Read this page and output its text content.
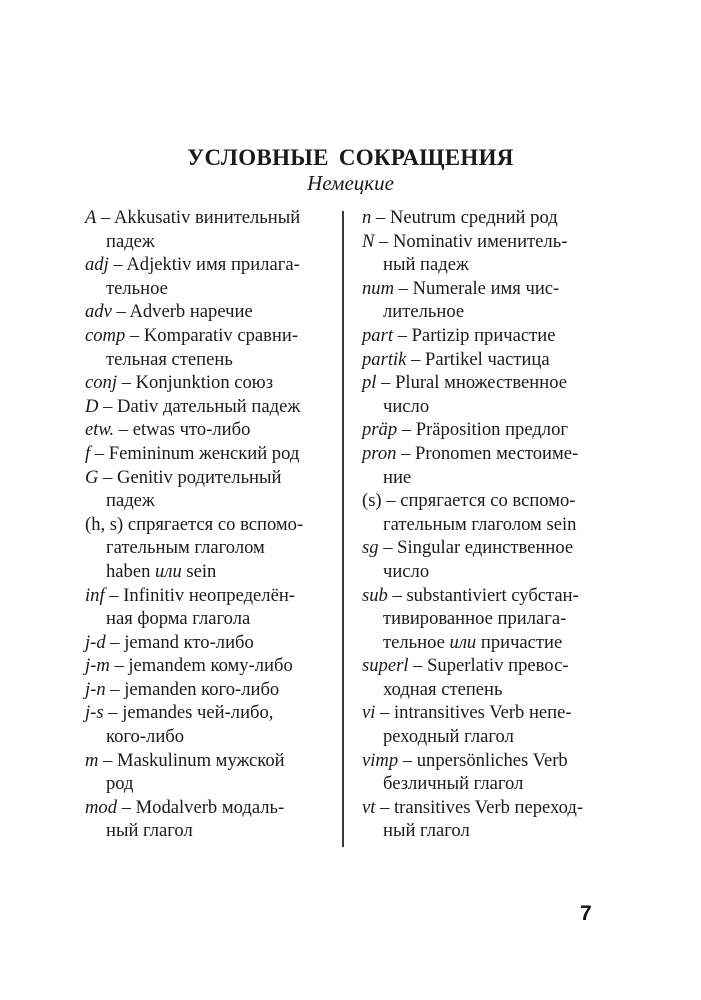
УСЛОВНЫЕ СОКРАЩЕНИЯ
Немецкие
A – Akkusativ винительный
падеж
adj – Adjektiv имя прилага-
тельное
adv – Adverb наречие
comp – Komparativ сравни-
тельная степень
conj – Konjunktion союз
D – Dativ дательный падеж
etw. – etwas что-либо
f – Femininum женский род
G – Genitiv родительный
падеж
(h, s) спрягается со вспомо-
гательным глаголом
haben или sein
inf – Infinitiv неопределён-
ная форма глагола
j-d – jemand кто-либо
j-m – jemandem кому-либо
j-n – jemanden кого-либо
j-s – jemandes чей-либо,
кого-либо
m – Maskulinum мужской
род
mod – Modalverb модаль-
ный глагол
n – Neutrum средний род
N – Nominativ именитель-
ный падеж
num – Numerale имя чис-
лительное
part – Partizip причастие
partik – Partikel частица
pl – Plural множественное
число
präp – Präposition предлог
pron – Pronomen местоиме-
ние
(s) – спрягается со вспомо-
гательным глаголом sein
sg – Singular единственное
число
sub – substantiviert субстан-
тивированное прилага-
тельное или причастие
superl – Superlativ превос-
ходная степень
vi – intransitives Verb непе-
реходный глагол
vimp – unpersönliches Verb
безличный глагол
vt – transitives Verb переход-
ный глагол
7
